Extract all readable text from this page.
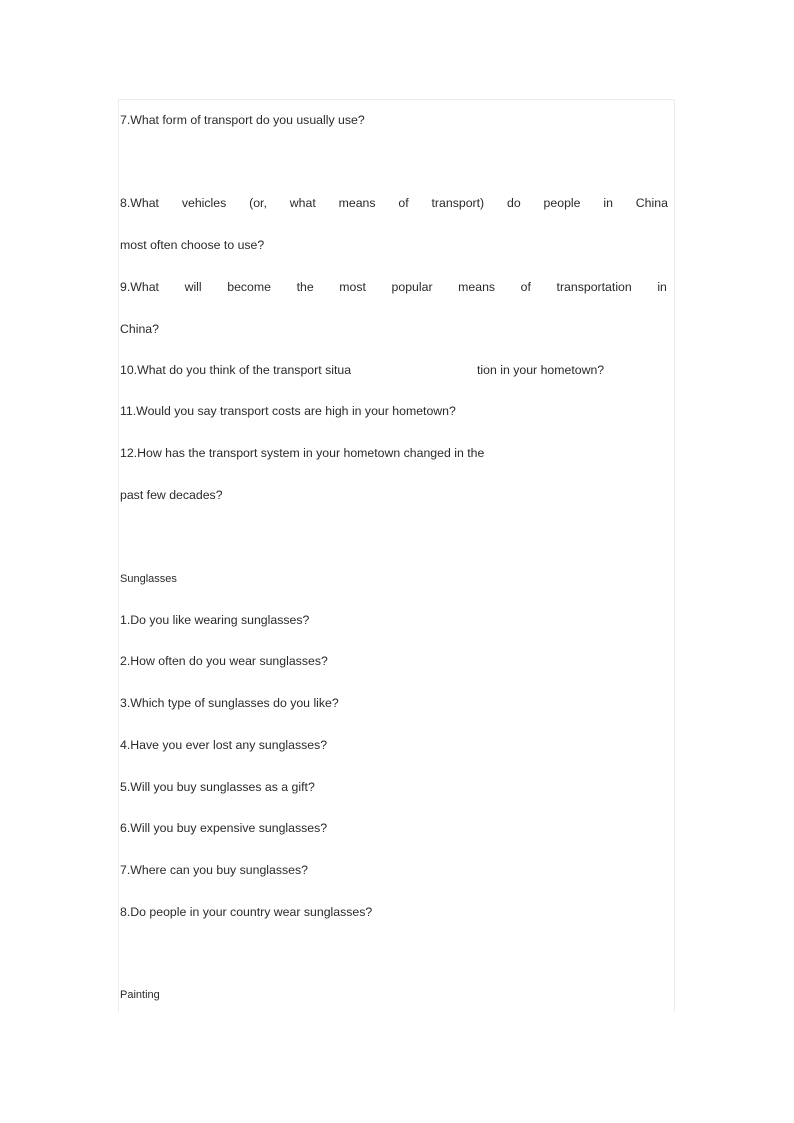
7.What form of transport do you usually use?
8.What vehicles (or, what means of transport) do people in China
most often choose to use?
9.What will become the most popular means of transportation in
China?
10.What do you think of the transport situa	tion in your hometown?
11.Would you say transport costs are high in your hometown?
12.How has the transport system in your hometown changed in the
past few decades?
Sunglasses
1.Do you like wearing sunglasses?
2.How often do you wear sunglasses?
3.Which type of sunglasses do you like?
4.Have you ever lost any sunglasses?
5.Will you buy sunglasses as a gift?
6.Will you buy expensive sunglasses?
7.Where can you buy sunglasses?
8.Do people in your country wear sunglasses?
Painting
